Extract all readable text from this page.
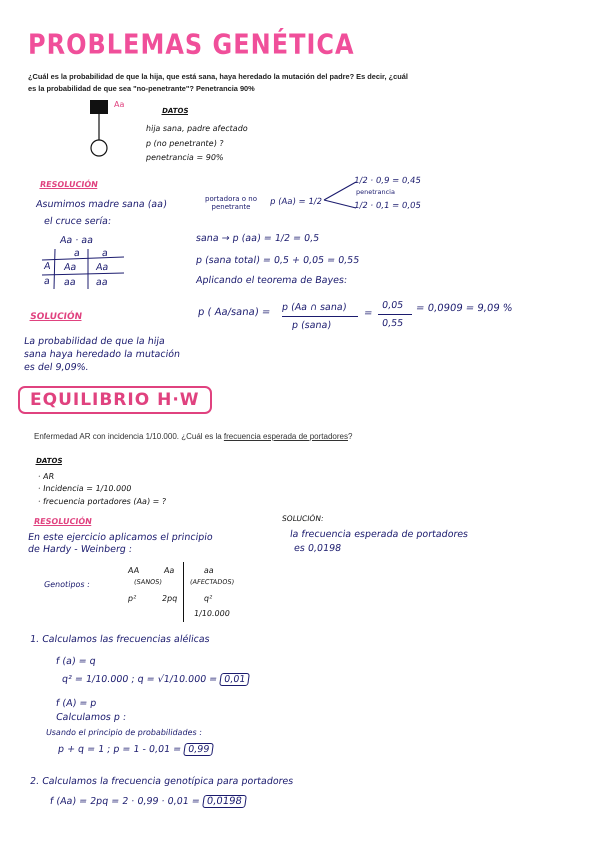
PROBLEMAS GENÉTICA
¿Cuál es la probabilidad de que la hija, que está sana, haya heredado la mutación del padre? Es decir, ¿cuál
es la probabilidad de que sea "no-penetrante"? Penetrancia 90%
Aa
DATOS
hija sana, padre afectado
p (no penetrante) ?
penetrancia = 90%
RESOLUCIÓN
Asumimos madre sana (aa)
el cruce sería:
Aa · aa
a a
A Aa Aa
a aa aa
portadora o no penetrante	p (Aa) = 1/2
1/2 · 0,9 = 0,45
penetrancia
1/2 · 0,1 = 0,05
sana → p (aa) = 1/2 = 0,5
p (sana total) = 0,5 + 0,05 = 0,55
Aplicando el teorema de Bayes:
p ( Aa/sana) = p (Aa ∩ sana)
p (sana)
=
0,05
0,55
= 0,0909 = 9,09 %
SOLUCIÓN
La probabilidad de que la hija
sana haya heredado la mutación
es del 9,09%.
EQUILIBRIO H·W
Enfermedad AR con incidencia 1/10.000. ¿Cuál es la frecuencia esperada de portadores?
DATOS
· AR
· Incidencia = 1/10.000
· frecuencia portadores (Aa) = ?
RESOLUCIÓN
En este ejercicio aplicamos el principio
de Hardy - Weinberg :
SOLUCIÓN:
la frecuencia esperada de portadores
es 0,0198
Genotipos :
AA
(SANOS)
p²
Aa
2pq
aa
(AFECTADOS)
q²
1/10.000
1. Calculamos las frecuencias alélicas
f (a) = q
q² = 1/10.000 ; q = √1/10.000 = 0,01
f (A) = p
Calculamos p :
Usando el principio de probabilidades :
p + q = 1 ; p = 1 - 0,01 = 0,99
2. Calculamos la frecuencia genotípica para portadores
f (Aa) = 2pq = 2 · 0,99 · 0,01 = 0,0198
